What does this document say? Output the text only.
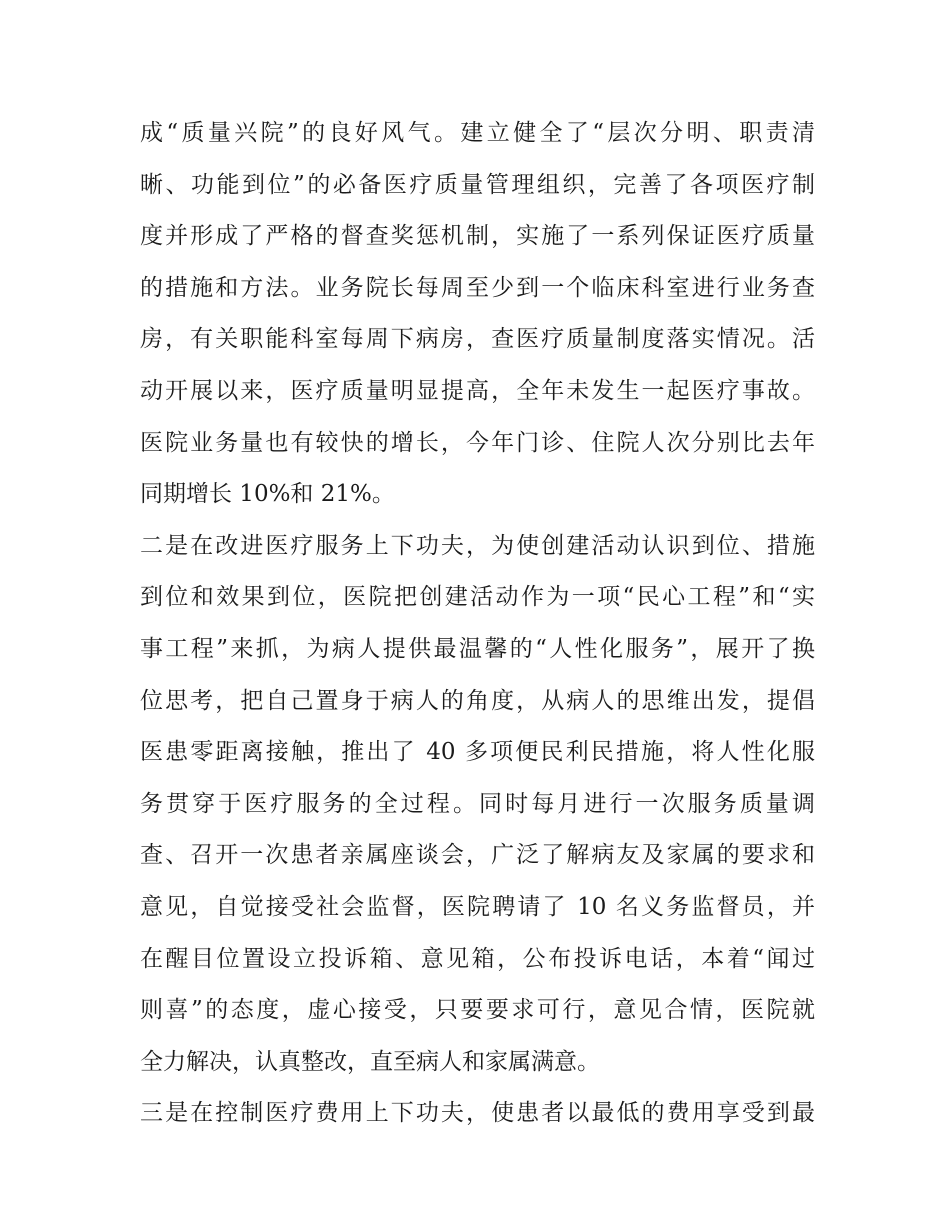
成“质量兴院”的良好风气。建立健全了“层次分明、职责清
晰、功能到位”的必备医疗质量管理组织，完善了各项医疗制
度并形成了严格的督查奖惩机制，实施了一系列保证医疗质量
的措施和方法。业务院长每周至少到一个临床科室进行业务查
房，有关职能科室每周下病房，查医疗质量制度落实情况。活
动开展以来，医疗质量明显提高，全年未发生一起医疗事故。
医院业务量也有较快的增长，今年门诊、住院人次分别比去年
同期增长 10%和 21%。
二是在改进医疗服务上下功夫，为使创建活动认识到位、措施
到位和效果到位，医院把创建活动作为一项“民心工程”和“实
事工程”来抓，为病人提供最温馨的“人性化服务”，展开了换
位思考，把自己置身于病人的角度，从病人的思维出发，提倡
医患零距离接触，推出了 40 多项便民利民措施，将人性化服
务贯穿于医疗服务的全过程。同时每月进行一次服务质量调
查、召开一次患者亲属座谈会，广泛了解病友及家属的要求和
意见，自觉接受社会监督，医院聘请了 10 名义务监督员，并
在醒目位置设立投诉箱、意见箱，公布投诉电话，本着“闻过
则喜”的态度，虚心接受，只要要求可行，意见合情，医院就
全力解决，认真整改，直至病人和家属满意。
三是在控制医疗费用上下功夫，使患者以最低的费用享受到最
